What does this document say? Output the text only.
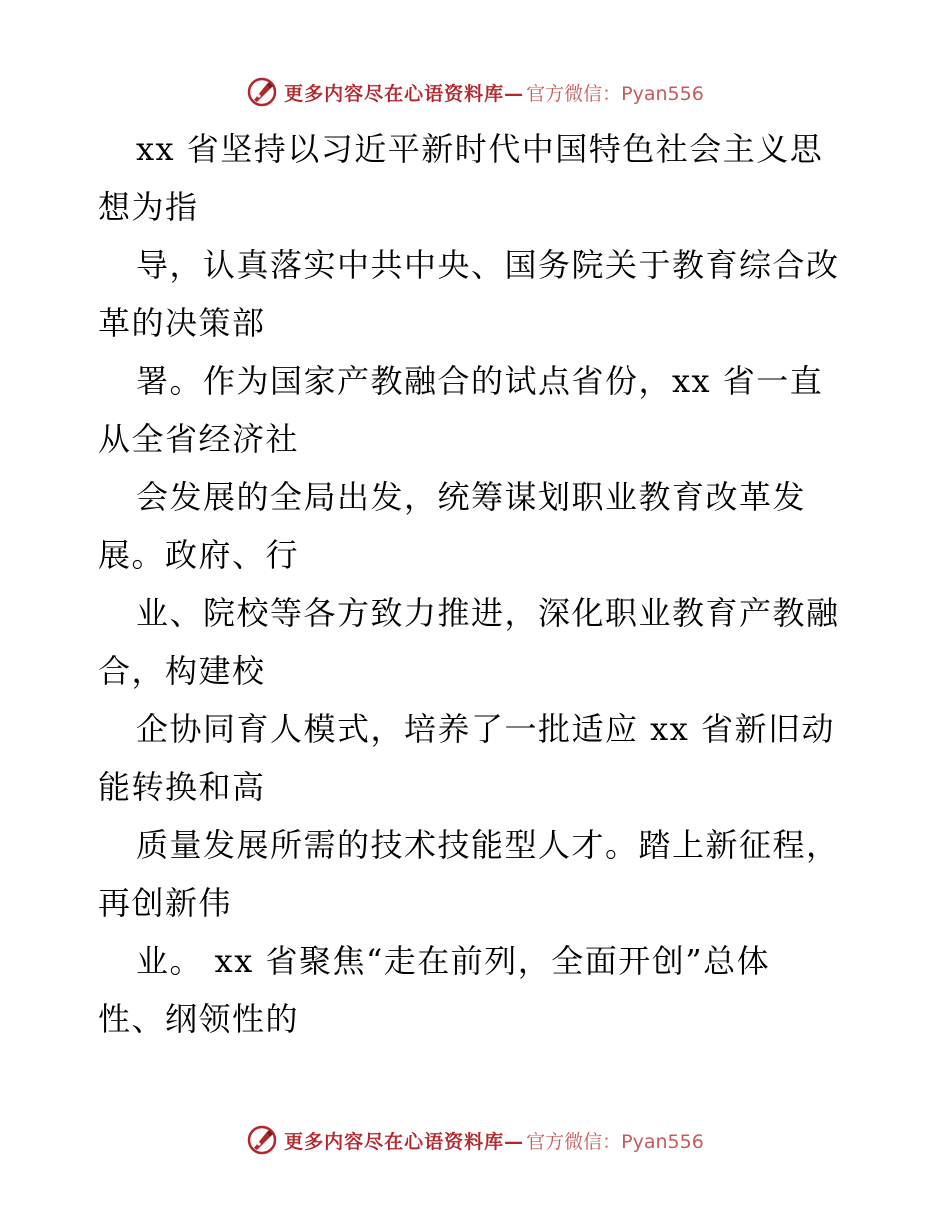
更多内容尽在心语资料库— 官方微信：Pyan556
xx 省坚持以习近平新时代中国特色社会主义思
想为指
导，认真落实中共中央、国务院关于教育综合改
革的决策部
署。作为国家产教融合的试点省份，xx 省一直
从全省经济社
会发展的全局出发，统筹谋划职业教育改革发
展。政府、行
业、院校等各方致力推进，深化职业教育产教融
合，构建校
企协同育人模式，培养了一批适应 xx 省新旧动
能转换和高
质量发展所需的技术技能型人才。踏上新征程，
再创新伟
业。 xx 省聚焦“走在前列，全面开创”总体
性、纲领性的
更多内容尽在心语资料库— 官方微信：Pyan556
